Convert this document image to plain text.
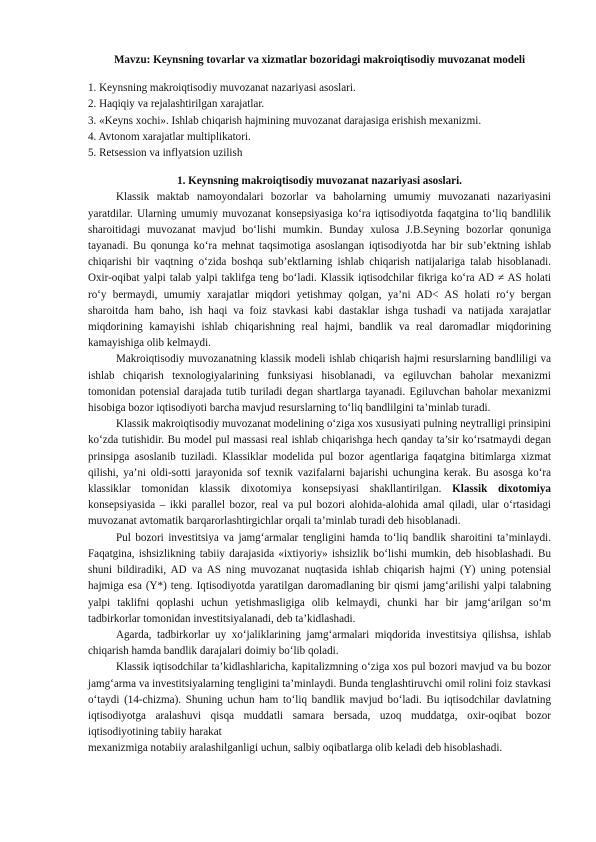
Mavzu: Keynsning tovarlar va xizmatlar bozoridagi makroiqtisodiy muvozanat modeli
1. Keynsning makroiqtisodiy muvozanat nazariyasi asoslari.
2. Haqiqiy va rejalashtirilgan xarajatlar.
3. «Keyns xochi». Ishlab chiqarish hajmining muvozanat darajasiga erishish mexanizmi.
4. Avtonom xarajatlar multiplikatori.
5. Retsession va inflyatsion uzilish
1. Keynsning makroiqtisodiy muvozanat nazariyasi asoslari.

Klassik maktab namoyondalari bozorlar va baholarning umumiy muvozanati nazariyasini yaratdilar. Ularning umumiy muvozanat konsepsiyasiga ko‘ra iqtisodiyotda faqatgina to‘liq bandlilik sharoitidagi muvozanat mavjud bo‘lishi mumkin. Bunday xulosa J.B.Seyning bozorlar qonuniga tayanadi. Bu qonunga ko‘ra mehnat taqsimotiga asoslangan iqtisodiyotda har bir sub’ektning ishlab chiqarishi bir vaqtning o‘zida boshqa sub’ektlarning ishlab chiqarish natijalariga talab hisoblanadi. Oxir-oqibat yalpi talab yalpi taklifga teng bo‘ladi. Klassik iqtisodchilar fikriga ko‘ra AD ≠ AS holati ro‘y bermaydi, umumiy xarajatlar miqdori yetishmay qolgan, ya’ni AD< AS holati ro‘y bergan sharoitda ham baho, ish haqi va foiz stavkasi kabi dastaklar ishga tushadi va natijada xarajatlar miqdorining kamayishi ishlab chiqarishning real hajmi, bandlik va real daromadlar miqdorining kamayishiga olib kelmaydi.

Makroiqtisodiy muvozanatning klassik modeli ishlab chiqarish hajmi resurslarning bandliligi va ishlab chiqarish texnologiyalarining funksiyasi hisoblanadi, va egiluvchan baholar mexanizmi tomonidan potensial darajada tutib turiladi degan shartlarga tayanadi. Egiluvchan baholar mexanizmi hisobiga bozor iqtisodiyoti barcha mavjud resurslarning to‘liq bandlilgini ta’minlab turadi.

Klassik makroiqtisodiy muvozanat modelining o‘ziga xos xususiyati pulning neytralligi prinsipini ko‘zda tutishidir. Bu model pul massasi real ishlab chiqarishga hech qanday ta’sir ko‘rsatmaydi degan prinsipga asoslanib tuziladi. Klassiklar modelida pul bozor agentlariga faqatgina bitimlarga xizmat qilishi, ya’ni oldi-sotti jarayonida sof texnik vazifalarni bajarishi uchungina kerak. Bu asosga ko‘ra klassiklar tomonidan klassik dixotomiya konsepsiyasi shakllantirilgan. Klassik dixotomiya konsepsiyasida – ikki parallel bozor, real va pul bozori alohida-alohida amal qiladi, ular o‘rtasidagi muvozanat avtomatik barqarorlashtirgichlar orqali ta’minlab turadi deb hisoblanadi.

Pul bozori investitsiya va jamg‘armalar tengligini hamda to‘liq bandlik sharoitini ta’minlaydi. Faqatgina, ishsizlikning tabiiy darajasida «ixtiyoriy» ishsizlik bo‘lishi mumkin, deb hisoblashadi. Bu shuni bildiradiki, AD va AS ning muvozanat nuqtasida ishlab chiqarish hajmi (Y) uning potensial hajmiga esa (Y*) teng. Iqtisodiyotda yaratilgan daromadlaning bir qismi jamg‘arilishi yalpi talabning yalpi taklifni qoplashi uchun yetishmasligiga olib kelmaydi, chunki har bir jamg‘arilgan so‘m tadbirkorlar tomonidan investitsiyalanadi, deb ta’kidlashadi.

Agarda, tadbirkorlar uy xo‘jaliklarining jamg‘armalari miqdorida investitsiya qilishsa, ishlab chiqarish hamda bandlik darajalari doimiy bo‘lib qoladi.

Klassik iqtisodchilar ta’kidlashlaricha, kapitalizmning o‘ziga xos pul bozori mavjud va bu bozor jamg‘arma va investitsiyalarning tengligini ta’minlaydi. Bunda tenglashtiruvchi omil rolini foiz stavkasi o‘taydi (14-chizma). Shuning uchun ham to‘liq bandlik mavjud bo‘ladi. Bu iqtisodchilar davlatning iqtisodiyotga aralashuvi qisqa muddatli samara bersada, uzoq muddatga, oxir-oqibat bozor iqtisodiyotining tabiiy harakat

mexanizmiga notabiiy aralashilganligi uchun, salbiy oqibatlarga olib keladi deb hisoblashadi.
